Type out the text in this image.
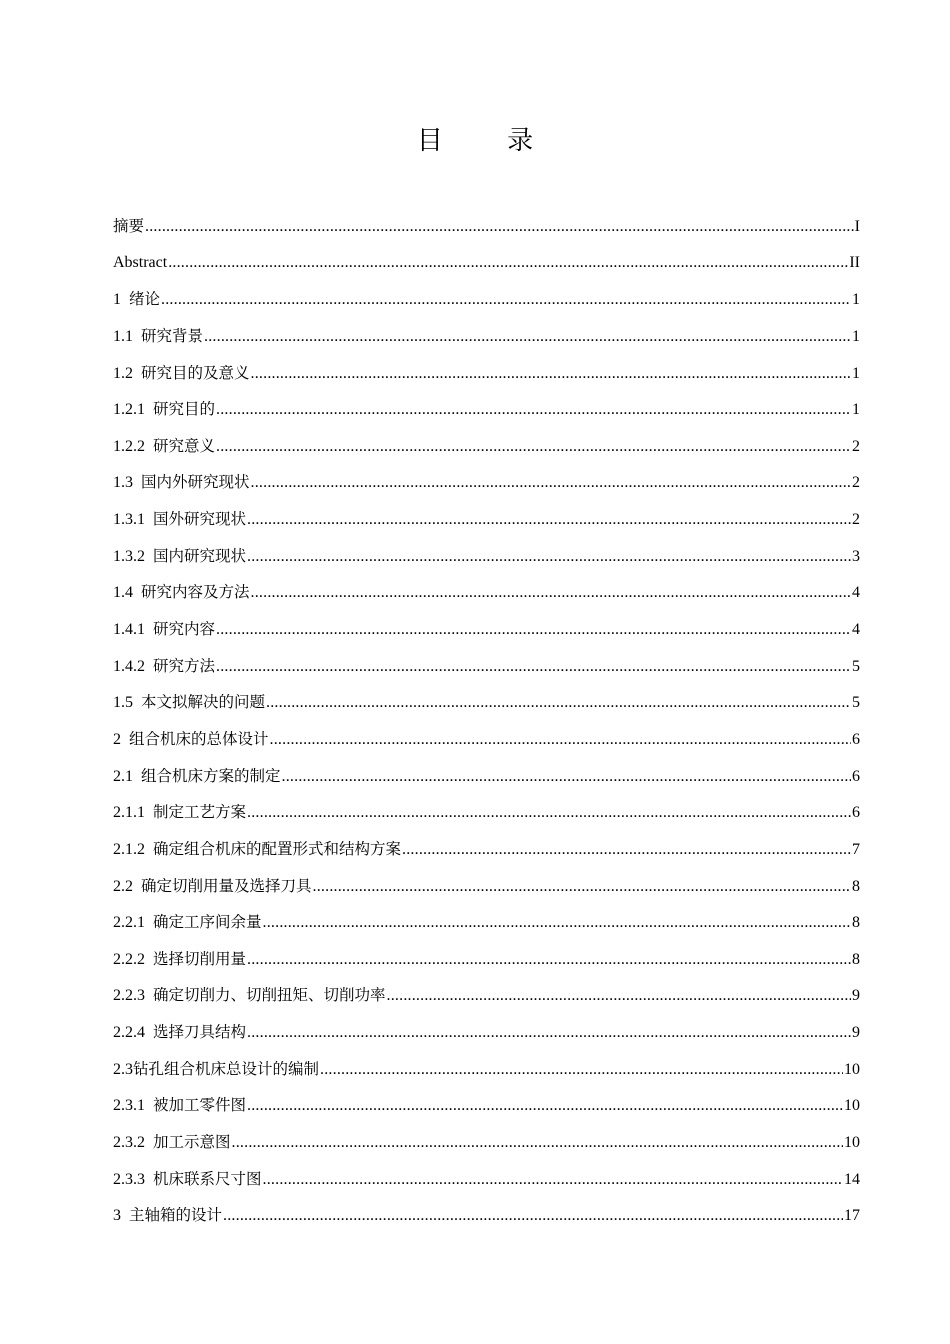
目 录
摘要 .....	I
Abstract .....	II
1 绪论 .....	1
1.1 研究背景 .....	1
1.2 研究目的及意义 .....	1
1.2.1 研究目的 .....	1
1.2.2 研究意义 .....	2
1.3 国内外研究现状 .....	2
1.3.1 国外研究现状 .....	2
1.3.2 国内研究现状 .....	3
1.4 研究内容及方法 .....	4
1.4.1 研究内容 .....	4
1.4.2 研究方法 .....	5
1.5 本文拟解决的问题 .....	5
2 组合机床的总体设计 .....	6
2.1 组合机床方案的制定 .....	6
2.1.1 制定工艺方案 .....	6
2.1.2 确定组合机床的配置形式和结构方案 .....	7
2.2 确定切削用量及选择刀具 .....	8
2.2.1 确定工序间余量 .....	8
2.2.2 选择切削用量 .....	8
2.2.3 确定切削力、切削扭矩、切削功率 .....	9
2.2.4 选择刀具结构 .....	9
2.3 钻孔组合机床总设计的编制 .....	10
2.3.1 被加工零件图 .....	10
2.3.2 加工示意图 .....	10
2.3.3 机床联系尺寸图 .....	14
3 主轴箱的设计 .....	17
